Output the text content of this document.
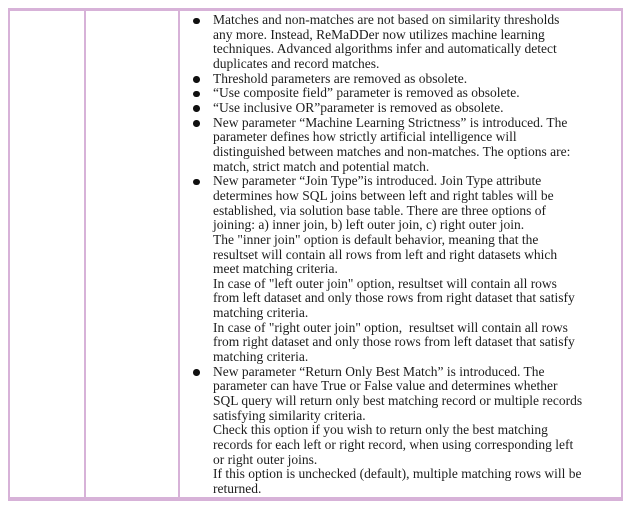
Matches and non-matches are not based on similarity thresholds
any more. Instead, ReMaDDer now utilizes machine learning
techniques. Advanced algorithms infer and automatically detect
duplicates and record matches.
Threshold parameters are removed as obsolete.
“Use composite field” parameter is removed as obsolete.
“Use inclusive OR”parameter is removed as obsolete.
New parameter “Machine Learning Strictness” is introduced. The
parameter defines how strictly artificial intelligence will
distinguished between matches and non-matches. The options are:
match, strict match and potential match.
New parameter “Join Type”is introduced. Join Type attribute
determines how SQL joins between left and right tables will be
established, via solution base table. There are three options of
joining: a) inner join, b) left outer join, c) right outer join.
The "inner join" option is default behavior, meaning that the
resultset will contain all rows from left and right datasets which
meet matching criteria.
In case of "left outer join" option, resultset will contain all rows
from left dataset and only those rows from right dataset that satisfy
matching criteria.
In case of "right outer join" option,  resultset will contain all rows
from right dataset and only those rows from left dataset that satisfy
matching criteria.
New parameter “Return Only Best Match” is introduced. The
parameter can have True or False value and determines whether
SQL query will return only best matching record or multiple records
satisfying similarity criteria.
Check this option if you wish to return only the best matching
records for each left or right record, when using corresponding left
or right outer joins.
If this option is unchecked (default), multiple matching rows will be
returned.
